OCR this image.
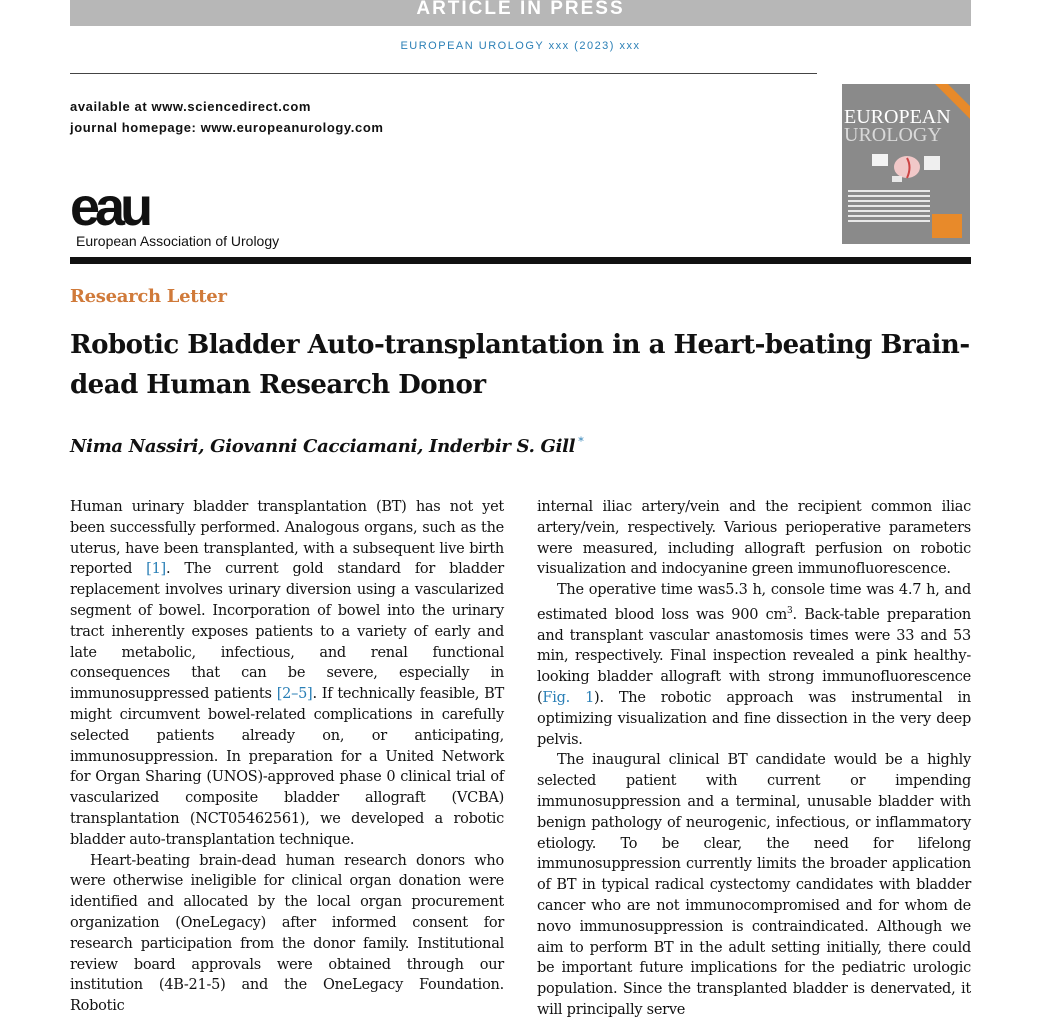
ARTICLE IN PRESS
EUROPEAN UROLOGY xxx (2023) xxx
available at www.sciencedirect.com
journal homepage: www.europeanurology.com
eau
European Association of Urology
EUROPEAN
UROLOGY
Research Letter
Robotic Bladder Auto-transplantation in a Heart-beating Brain-dead Human Research Donor
Nima Nassiri, Giovanni Cacciamani, Inderbir S. Gill *

Human urinary bladder transplantation (BT) has not yet been successfully performed. Analogous organs, such as the uterus, have been transplanted, with a subsequent live birth reported [1]. The current gold standard for bladder replacement involves urinary diversion using a vascularized segment of bowel. Incorporation of bowel into the urinary tract inherently exposes patients to a variety of early and late metabolic, infectious, and renal functional consequences that can be severe, especially in immunosuppressed patients [2–5]. If technically feasible, BT might circumvent bowel-related complications in carefully selected patients already on, or anticipating, immunosuppression. In preparation for a United Network for Organ Sharing (UNOS)-approved phase 0 clinical trial of vascularized composite bladder allograft (VCBA) transplantation (NCT05462561), we developed a robotic bladder auto-transplantation technique.

Heart-beating brain-dead human research donors who were otherwise ineligible for clinical organ donation were identified and allocated by the local organ procurement organization (OneLegacy) after informed consent for research participation from the donor family. Institutional review board approvals were obtained through our institution (4B-21-5) and the OneLegacy Foundation. Robotic

internal iliac artery/vein and the recipient common iliac artery/vein, respectively. Various perioperative parameters were measured, including allograft perfusion on robotic visualization and indocyanine green immunofluorescence.

The operative time was5.3 h, console time was 4.7 h, and estimated blood loss was 900 $cm^3$. Back-table preparation and transplant vascular anastomosis times were 33 and 53 min, respectively. Final inspection revealed a pink healthy-looking bladder allograft with strong immunofluorescence (Fig. 1). The robotic approach was instrumental in optimizing visualization and fine dissection in the very deep pelvis.

The inaugural clinical BT candidate would be a highly selected patient with current or impending immunosuppression and a terminal, unusable bladder with benign pathology of neurogenic, infectious, or inflammatory etiology. To be clear, the need for lifelong immunosuppression currently limits the broader application of BT in typical radical cystectomy candidates with bladder cancer who are not immunocompromised and for whom de novo immunosuppression is contraindicated. Although we aim to perform BT in the adult setting initially, there could be important future implications for the pediatric urologic population. Since the transplanted bladder is denervated, it will principally serve
